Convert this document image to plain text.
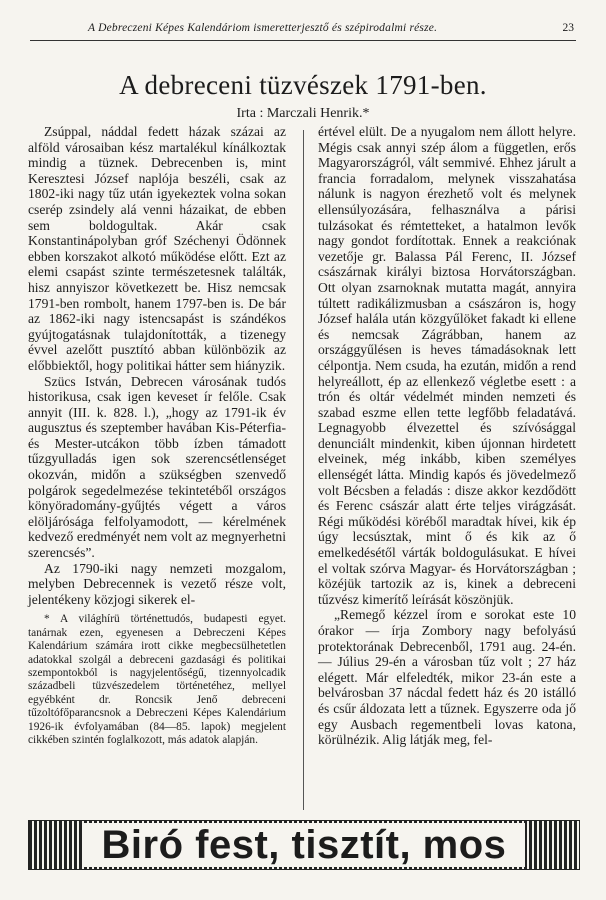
A Debreczeni Képes Kalendáriom ismeretterjesztő és szépirodalmi része.	23
A debreceni tüzvészek 1791-ben.
Irta : Marczali Henrik.*

Zsúppal, náddal fedett házak százai az alföld városaiban kész martalékul kínálkoztak mindig a tüznek. Debrecenben is, mint Keresztesi József naplója beszéli, csak az 1802-iki nagy tűz után igyekeztek volna sokan cserép zsindely alá venni házaikat, de ebben sem boldogultak. Akár csak Konstantinápolyban gróf Széchenyi Ödönnek ebben korszakot alkotó működése előtt. Ezt az elemi csapást szinte természetesnek találták, hisz annyiszor következett be. Hisz nemcsak 1791-ben rombolt, hanem 1797-ben is. De bár az 1862-iki nagy istencsapást is szándékos gyújtogatásnak tulajdonították, a tizenegy évvel azelőtt pusztító abban különbözik az előbbiektől, hogy politikai hátter sem hiányzik.

Szücs István, Debrecen városának tudós historikusa, csak igen keveset ír felőle. Csak annyit (III. k. 828. l.), „hogy az 1791-ik év augusztus és szeptember havában Kis-Péterfia- és Mester-utcákon több ízben támadott tűzgyulladás igen sok szerencsétlenséget okozván, midőn a szükségben szenvedő polgárok segedelmezése tekintetéből országos könyöradomány-gyűjtés végett a város elöljárósága felfolyamodott, — kérelmének kedvező eredményét nem volt az megnyerhetni szerencsés”.

Az 1790-iki nagy nemzeti mozgalom, melyben Debrecennek is vezető része volt, jelentékeny közjogi sikerek el-

* A világhírü történettudós, budapesti egyet. tanárnak ezen, egyenesen a Debreczeni Képes Kalendárium számára irott cikke megbecsülhetetlen adatokkal szolgál a debreceni gazdasági és politikai szempontokból is nagyjelentőségű, tizennyolcadik századbeli tüzvészedelem történetéhez, mellyel egyébként dr. Roncsik Jenő debreceni tűzoltófőparancsnok a Debreczeni Képes Kalendárium 1926-ik évfolyamában (84—85. lapok) megjelent cikkében szintén foglalkozott, más adatok alapján.

értével elült. De a nyugalom nem állott helyre. Mégis csak annyi szép álom a független, erős Magyarországról, vált semmivé. Ehhez járult a francia forradalom, melynek visszahatása nálunk is nagyon érezhető volt és melynek ellensúlyozására, felhasználva a párisi tulzásokat és rémtetteket, a hatalmon levők nagy gondot fordítottak. Ennek a reakciónak vezetője gr. Balassa Pál Ferenc, II. József császárnak királyi biztosa Horvátországban. Ott olyan zsarnoknak mutatta magát, annyira túltett radikálizmusban a császáron is, hogy József halála után közgyűlöket fakadt ki ellene és nemcsak Zágrábban, hanem az országgyűlésen is heves támadásoknak lett célpontja. Nem csuda, ha ezután, midőn a rend helyreállott, ép az ellenkező végletbe esett : a trón és oltár védelmét minden nemzeti és szabad eszme ellen tette legfőbb feladatává. Legnagyobb élvezettel és szívósággal denunciált mindenkit, kiben újonnan hirdetett elveinek, még inkább, kiben személyes ellenségét látta. Mindig kapós és jövedelmező volt Bécsben a feladás : disze akkor kezdődött és Ferenc császár alatt érte teljes virágzását. Régi működési köréből maradtak hívei, kik ép úgy lecsúsztak, mint ő és kik az ő emelkedésétől várták boldogulásukat. E hívei el voltak szórva Magyar- és Horvátországban ; közéjük tartozik az is, kinek a debreceni tűzvész kimerítő leírását köszönjük.

„Remegő kézzel írom e sorokat este 10 órakor — írja Zombory nagy befolyású protektorának Debrecenből, 1791 aug. 24-én. — Július 29-én a városban tűz volt ; 27 ház elégett. Már elfeledték, mikor 23-án este a belvárosban 37 nácdal fedett ház és 20 istálló és csűr áldozata lett a tűznek. Egyszerre oda jő egy Ausbach regementbeli lovas katona, körülnézik. Alig látják meg, fel-

Biró fest, tisztít, mos
